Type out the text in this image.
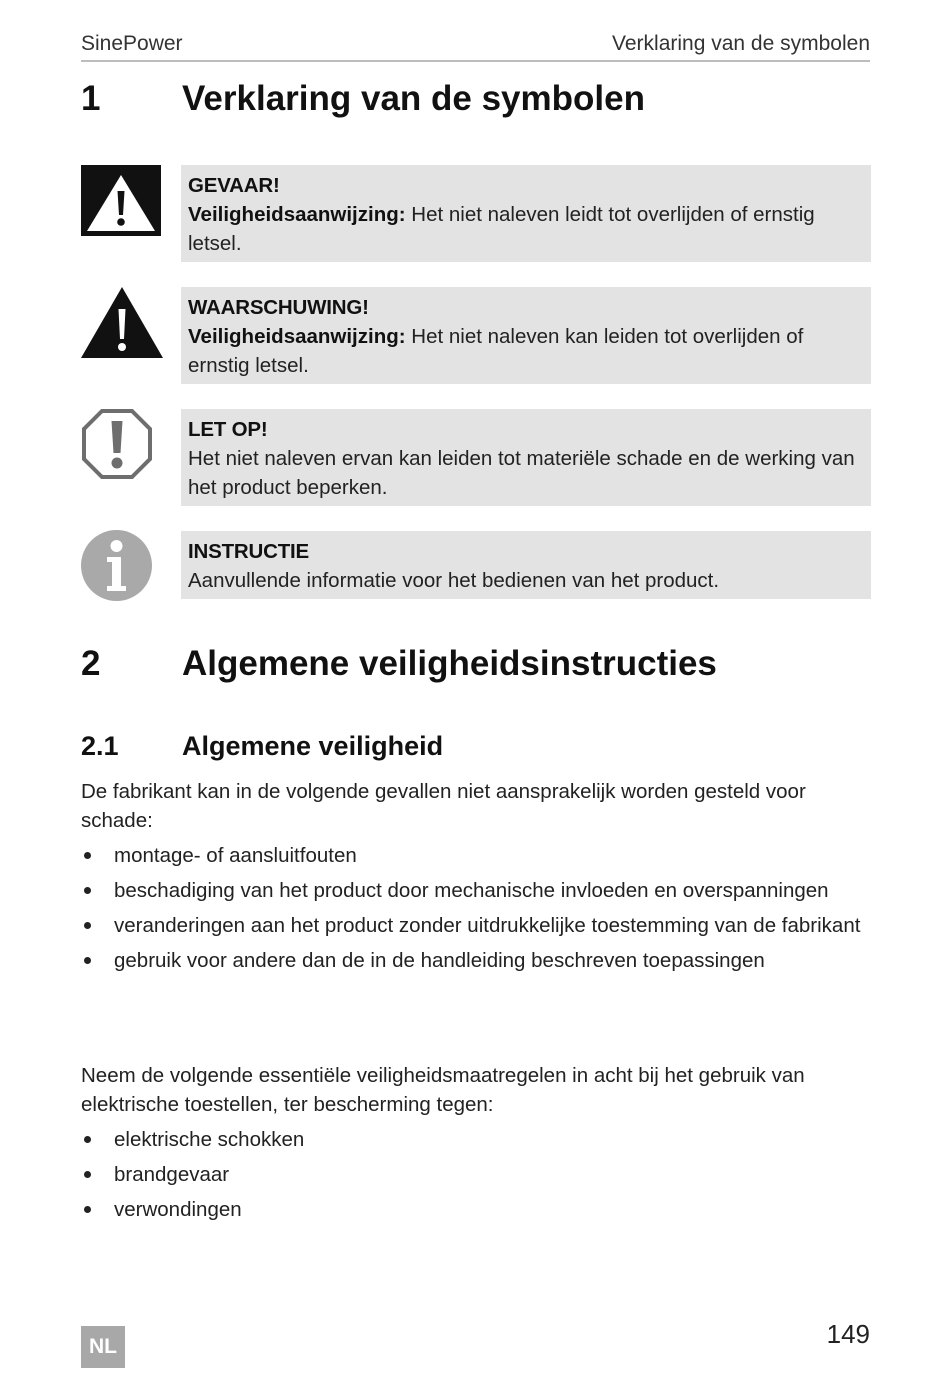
SinePower	Verklaring van de symbolen
1 Verklaring van de symbolen
GEVAAR!
Veiligheidsaanwijzing: Het niet naleven leidt tot overlijden of ernstig letsel.
WAARSCHUWING!
Veiligheidsaanwijzing: Het niet naleven kan leiden tot overlijden of ernstig letsel.
LET OP!
Het niet naleven ervan kan leiden tot materiële schade en de werking van het product beperken.
INSTRUCTIE
Aanvullende informatie voor het bedienen van het product.
2 Algemene veiligheidsinstructies
2.1 Algemene veiligheid
De fabrikant kan in de volgende gevallen niet aansprakelijk worden gesteld voor schade:
montage- of aansluitfouten
beschadiging van het product door mechanische invloeden en overspanningen
veranderingen aan het product zonder uitdrukkelijke toestemming van de fabrikant
gebruik voor andere dan de in de handleiding beschreven toepassingen
Neem de volgende essentiële veiligheidsmaatregelen in acht bij het gebruik van elektrische toestellen, ter bescherming tegen:
elektrische schokken
brandgevaar
verwondingen
NL	149
